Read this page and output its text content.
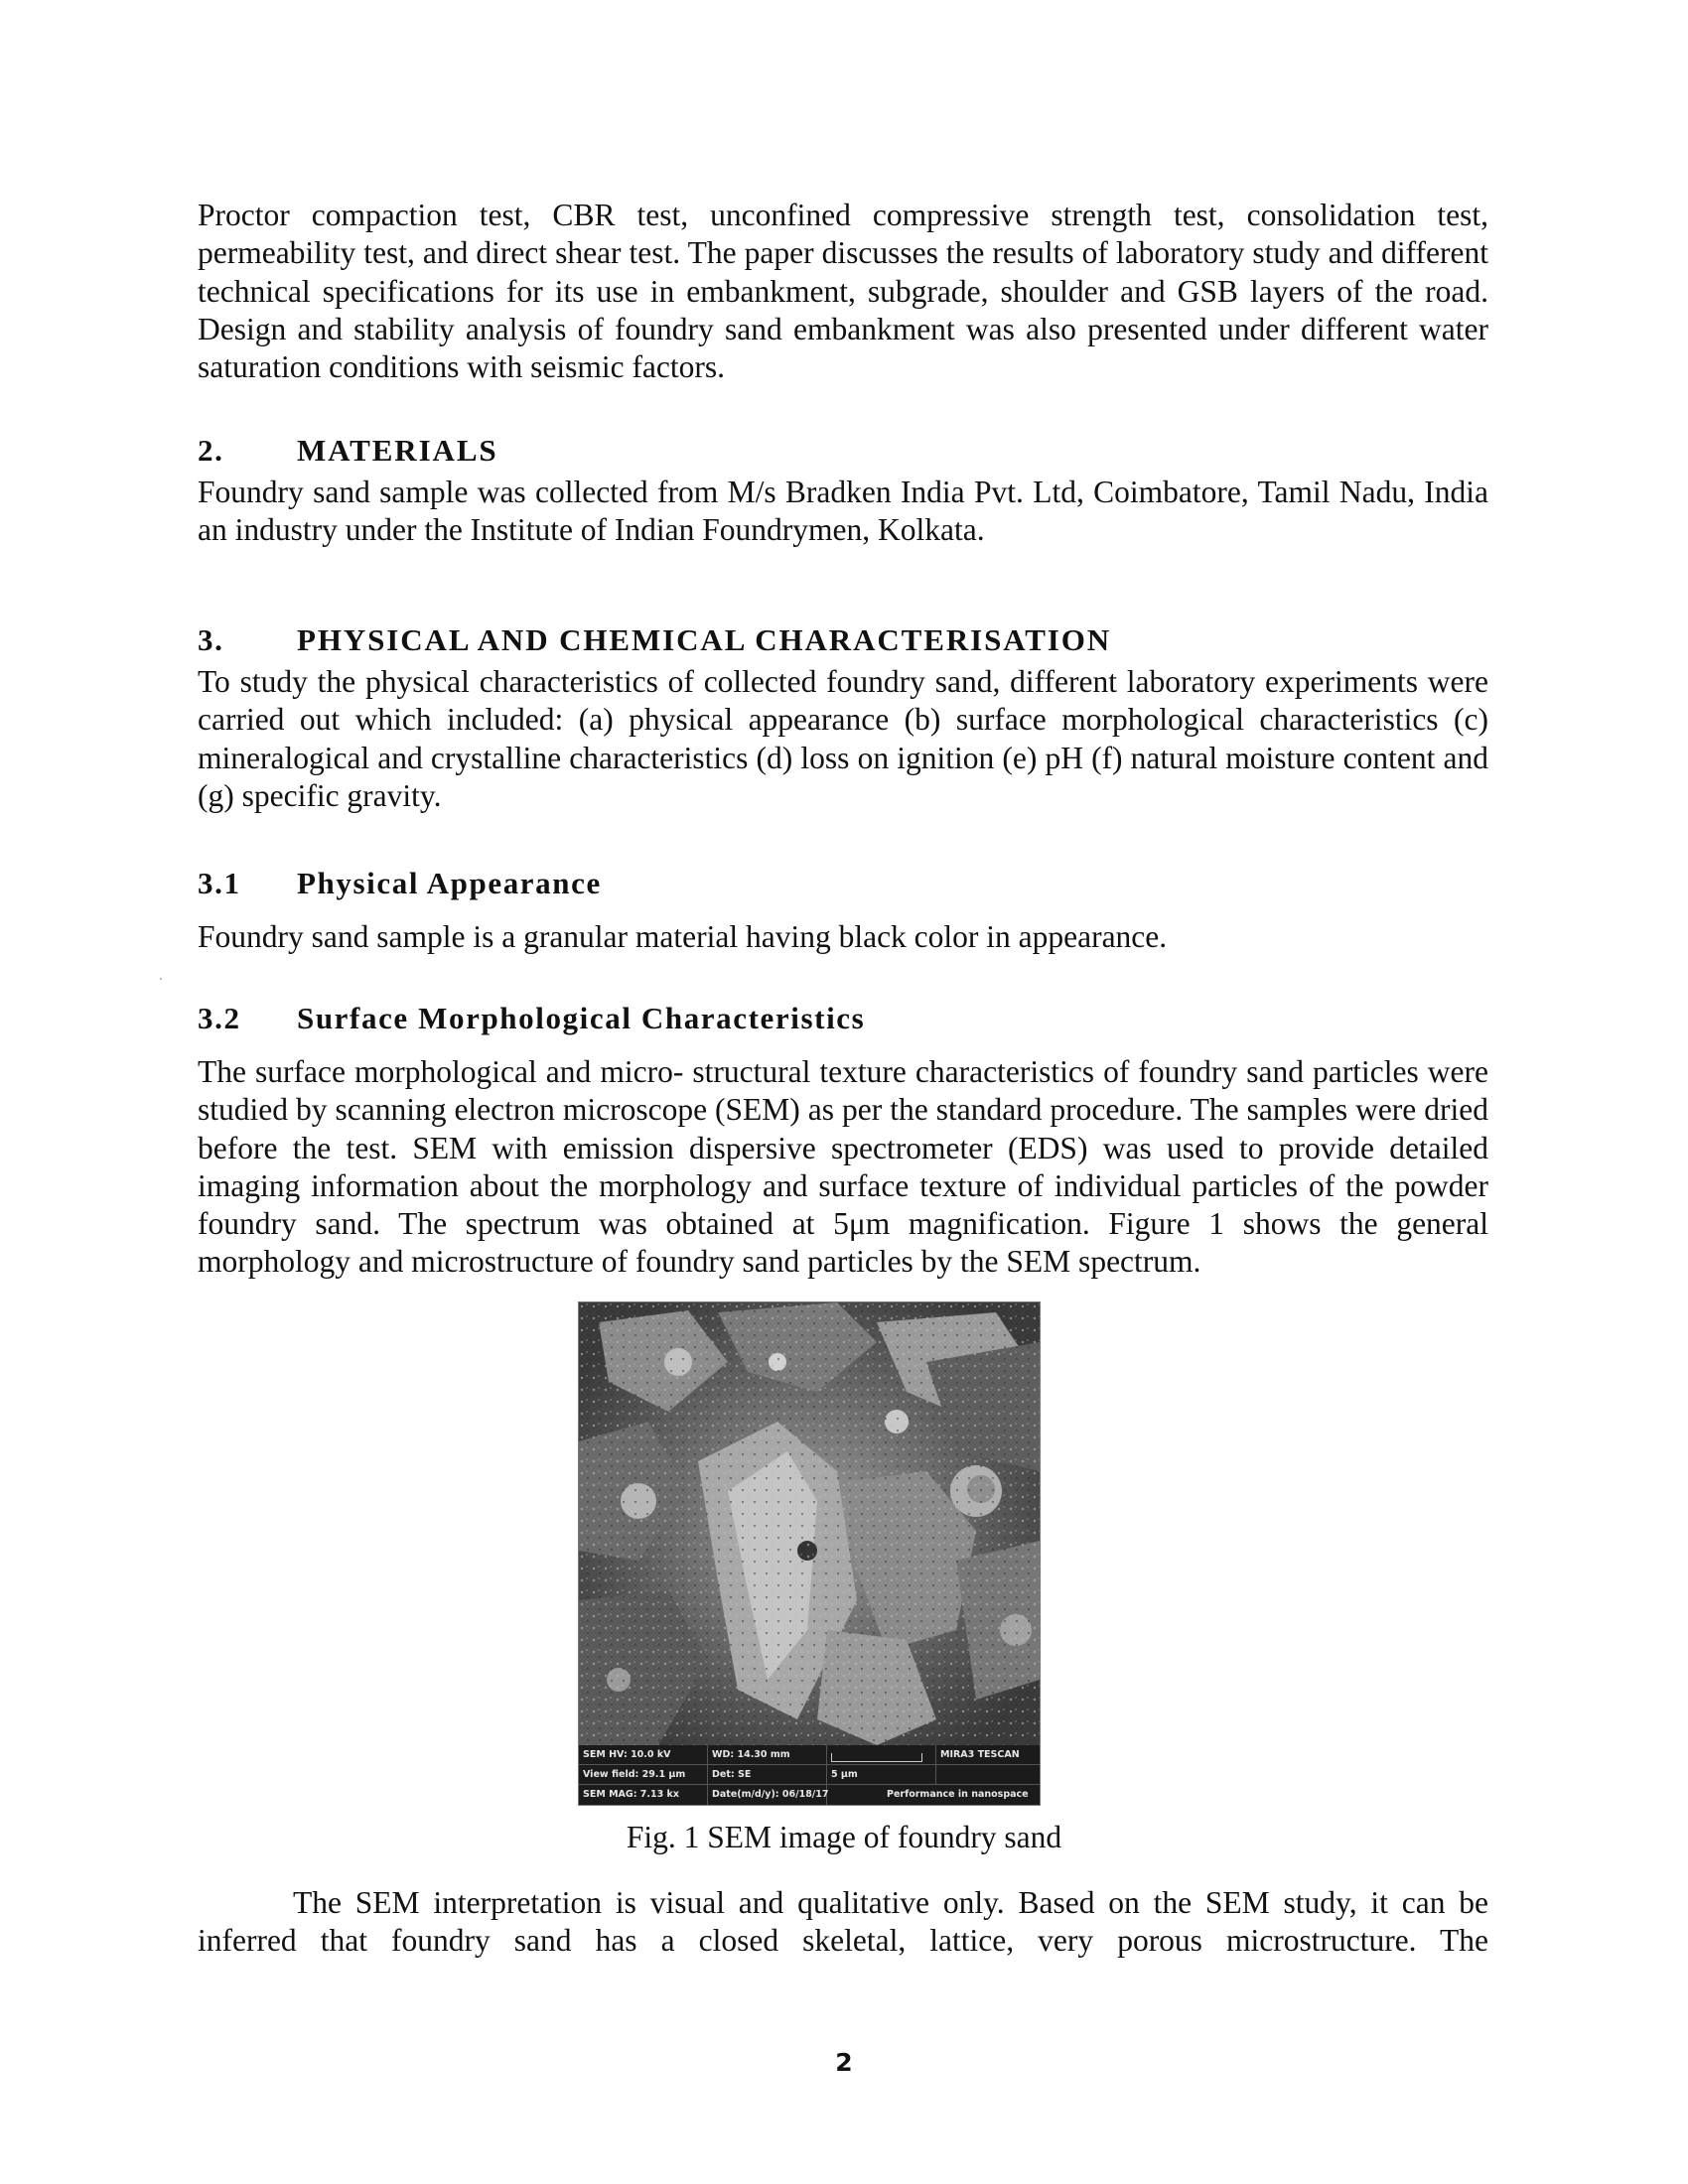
Proctor compaction test, CBR test, unconfined compressive strength test, consolidation test, permeability test, and direct shear test. The paper discusses the results of laboratory study and different technical specifications for its use in embankment, subgrade, shoulder and GSB layers of the road. Design and stability analysis of foundry sand embankment was also presented under different water saturation conditions with seismic factors.

2. MATERIALS

Foundry sand sample was collected from M/s Bradken India Pvt. Ltd, Coimbatore, Tamil Nadu, India an industry under the Institute of Indian Foundrymen, Kolkata.

3. PHYSICAL AND CHEMICAL CHARACTERISATION

To study the physical characteristics of collected foundry sand, different laboratory experiments were carried out which included: (a) physical appearance (b) surface morphological characteristics (c) mineralogical and crystalline characteristics (d) loss on ignition (e) pH (f) natural moisture content and (g) specific gravity.

3.1 Physical Appearance

Foundry sand sample is a granular material having black color in appearance.

3.2 Surface Morphological Characteristics

The surface morphological and micro- structural texture characteristics of foundry sand particles were studied by scanning electron microscope (SEM) as per the standard procedure. The samples were dried before the test. SEM with emission dispersive spectrometer (EDS) was used to provide detailed imaging information about the morphology and surface texture of individual particles of the powder foundry sand. The spectrum was obtained at 5μm magnification. Figure 1 shows the general morphology and microstructure of foundry sand particles by the SEM spectrum.

SEM HV: 10.0 kV	WD: 14.30 mm	MIRA3 TESCAN
View field: 29.1 μm	Det: SE	5 μm
SEM MAG: 7.13 kx	Date(m/d/y): 06/18/17	Performance in nanospace
Fig. 1 SEM image of foundry sand

The SEM interpretation is visual and qualitative only. Based on the SEM study, it can be inferred that foundry sand has a closed skeletal, lattice, very porous microstructure. The

2
